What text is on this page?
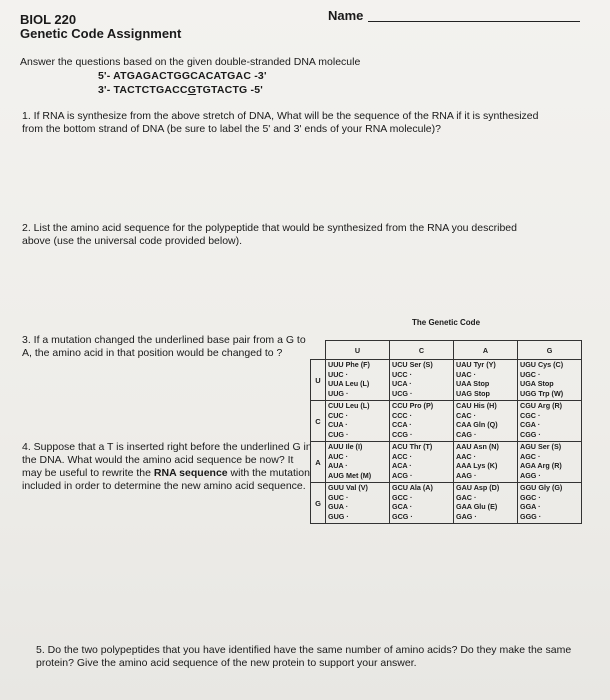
BIOL 220
Genetic Code Assignment
Name
Answer the questions based on the given double-stranded DNA molecule
5'- ATGAGACTGGCACATGAC -3'
3'- TACTCTGACCGTGTACTG -5'
1. If RNA is synthesize from the above stretch of DNA, What will be the sequence of the RNA if it is synthesized from the bottom strand of DNA (be sure to label the 5' and 3' ends of your RNA molecule)?
2. List the amino acid sequence for the polypeptide that would be synthesized from the RNA you described above (use the universal code provided below).
3. If a mutation changed the underlined base pair from a G to A, the amino acid in that position would be changed to ?
4. Suppose that a T is inserted right before the underlined G in the DNA. What would the amino acid sequence be now? It may be useful to rewrite the RNA sequence with the mutation included in order to determine the new amino acid sequence.
5. Do the two polypeptides that you have identified have the same number of amino acids? Do they make the same protein? Give the amino acid sequence of the new protein to support your answer.
The Genetic Code
	U	C	A	G
U	UUU Phe (F)
UUC ·
UUA Leu (L)
UUG ·	UCU Ser (S)
UCC ·
UCA ·
UCG ·	UAU Tyr (Y)
UAC ·
UAA Stop
UAG Stop	UGU Cys (C)
UGC ·
UGA Stop
UGG Trp (W)

C	CUU Leu (L)
CUC ·
CUA ·
CUG ·	CCU Pro (P)
CCC ·
CCA ·
CCG ·	CAU His (H)
CAC ·
CAA Gln (Q)
CAG ·	CGU Arg (R)
CGC ·
CGA ·
CGG ·

A	AUU Ile (I)
AUC ·
AUA ·
AUG Met (M)	ACU Thr (T)
ACC ·
ACA ·
ACG ·	AAU Asn (N)
AAC ·
AAA Lys (K)
AAG ·	AGU Ser (S)
AGC ·
AGA Arg (R)
AGG ·

G	GUU Val (V)
GUC ·
GUA ·
GUG ·	GCU Ala (A)
GCC ·
GCA ·
GCG ·	GAU Asp (D)
GAC ·
GAA Glu (E)
GAG ·	GGU Gly (G)
GGC ·
GGA ·
GGG ·
